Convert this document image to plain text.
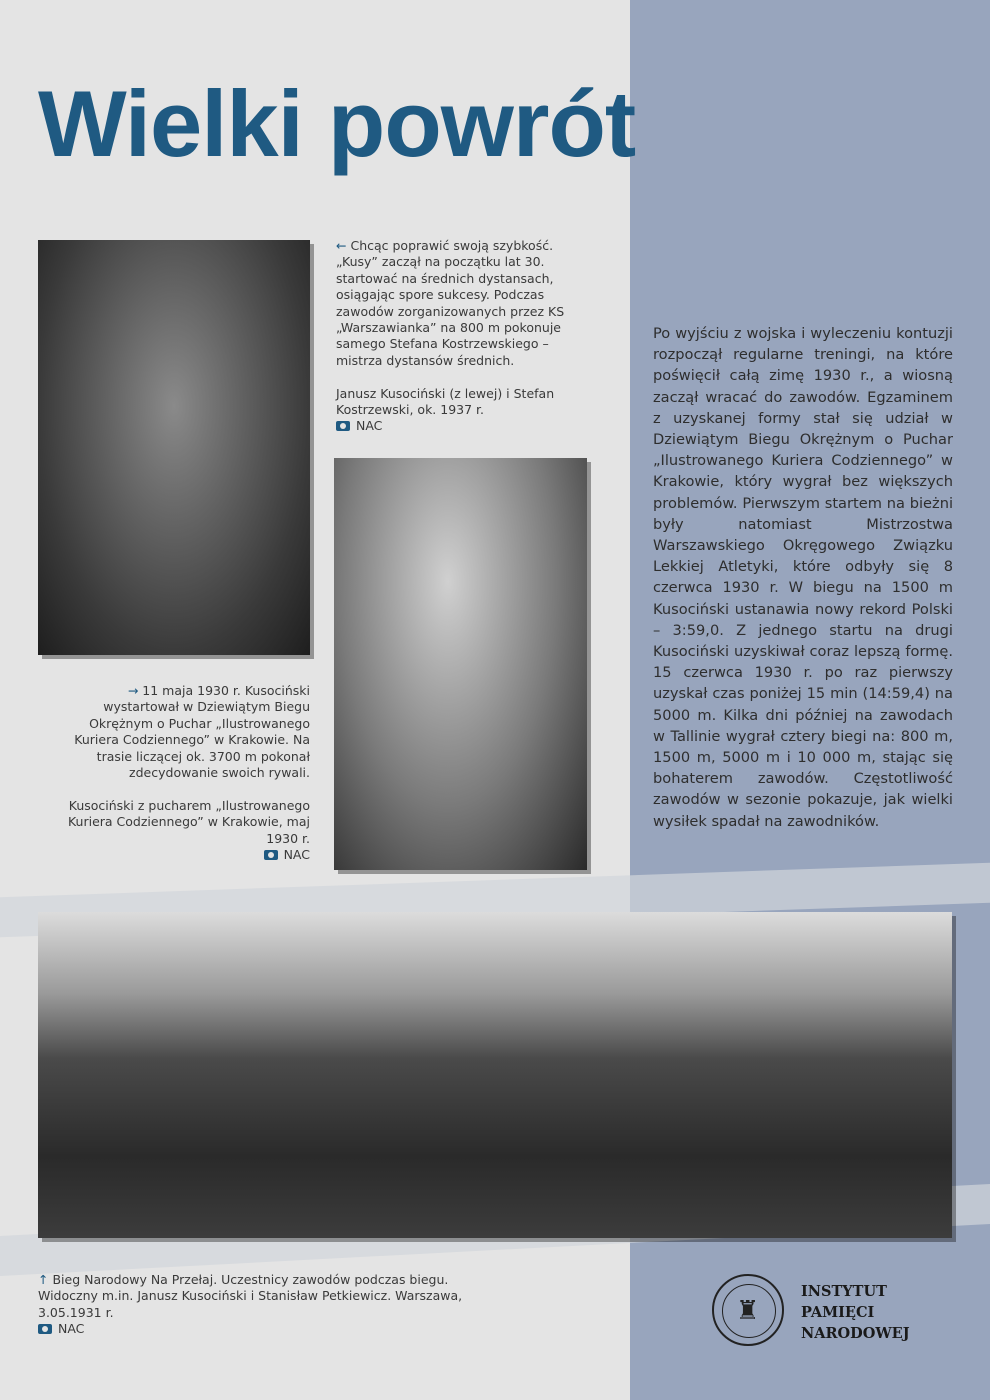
Wielki powrót
← Chcąc poprawić swoją szybkość. „Kusy” zaczął na początku lat 30. startować na średnich dystansach, osiągając spore sukcesy. Podczas zawodów zorganizowanych przez KS „Warszawianka” na 800 m pokonuje samego Stefana Kostrzewskiego – mistrza dystansów średnich.

Janusz Kusociński (z lewej) i Stefan Kostrzewski, ok. 1937 r.
NAC
→ 11 maja 1930 r. Kusociński wystartował w Dziewiątym Biegu Okrężnym o Puchar „Ilustrowanego Kuriera Codziennego” w Krakowie. Na trasie liczącej ok. 3700 m pokonał zdecydowanie swoich rywali.

Kusociński z pucharem „Ilustrowanego Kuriera Codziennego” w Krakowie, maj 1930 r.
NAC
Po wyjściu z wojska i wyleczeniu kontuzji rozpoczął regularne treningi, na które poświęcił całą zimę 1930 r., a wiosną zaczął wracać do zawodów. Egzaminem z uzyskanej formy stał się udział w Dziewiątym Biegu Okrężnym o Puchar „Ilustrowanego Kuriera Codziennego” w Krakowie, który wygrał bez większych problemów. Pierwszym startem na bieżni były natomiast Mistrzostwa Warszawskiego Okręgowego Związku Lekkiej Atletyki, które odbyły się 8 czerwca 1930 r. W biegu na 1500 m Kusociński ustanawia nowy rekord Polski – 3:59,0. Z jednego startu na drugi Kusociński uzyskiwał coraz lepszą formę. 15 czerwca 1930 r. po raz pierwszy uzyskał czas poniżej 15 min (14:59,4) na 5000 m. Kilka dni później na zawodach w Tallinie wygrał cztery biegi na: 800 m, 1500 m, 5000 m i 10 000 m, stając się bohaterem zawodów. Częstotliwość zawodów w sezonie pokazuje, jak wielki wysiłek spadał na zawodników.
↑ Bieg Narodowy Na Przełaj. Uczestnicy zawodów podczas biegu. Widoczny m.in. Janusz Kusociński i Stanisław Petkiewicz. Warszawa, 3.05.1931 r.
NAC
♜
INSTYTUT
PAMIĘCI
NARODOWEJ
